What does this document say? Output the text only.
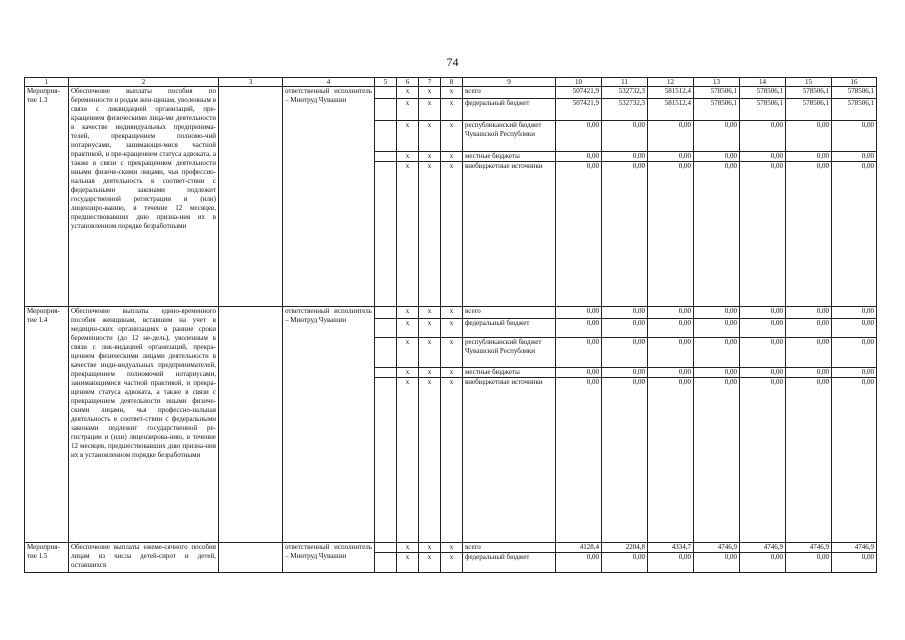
74
1	2	3	4	5	6	7	8	9	10	11	12	13	14	15	16
Мероприя-тие 1.3	Обеспечение выплаты пособия по беременности и родам жен-щинам, уволенным в связи с ликвидацией организаций, пре-кращением физическими лица-ми деятельности в качестве индивидуальных предпринима-телей, прекращением полномо-чий нотариусами, занимающи-мися частной практикой, и пре-кращением статуса адвоката, а также в связи с прекращением деятельности иными физиче-скими лицами, чья профессио-нальная деятельность в соответ-ствии с федеральными законами подлежит государственной регистрации и (или) лицензиро-ванию, в течение 12 месяцев, предшествовавших дню призна-ния их в установленном порядке безработными		ответственный исполнитель – Минтруд Чувашии		x	x	x	всего	507421,9	532732,3	581512,4	578506,1	578506,1	578506,1	578506,1
					x	x	x	федеральный бюджет	507421,9	532732,3	581512,4	578506,1	578506,1	578506,1	578506,1
					x	x	x	республиканский бюджет Чувашской Республики	0,00	0,00	0,00	0,00	0,00	0,00	0,00
					x	x	x	местные бюджеты	0,00	0,00	0,00	0,00	0,00	0,00	0,00
					x	x	x	внебюджетные источники	0,00	0,00	0,00	0,00	0,00	0,00	0,00
Мероприя-тие 1.4	Обеспечение выплаты едино-временного пособия женщинам, вставшим на учет в медицин-ских организациях в ранние сроки беременности (до 12 не-дель), уволенным в связи с лик-видацией организаций, прекра-щением физическими лицами деятельности в качестве инди-видуальных предпринимателей, прекращением полномочий нотариусами, занимающимися частной практикой, и прекра-щением статуса адвоката, а также в связи с прекращением деятельности иными физиче-скими лицами, чья профессио-нальная деятельность в соответ-ствии с федеральными законами подлежит государственной ре-гистрации и (или) лицензирова-нию, в течение 12 месяцев, предшествовавших дню призна-ния их в установленном порядке безработными		ответственный исполнитель – Минтруд Чувашии		x	x	x	всего	0,00	0,00	0,00	0,00	0,00	0,00	0,00
					x	x	x	федеральный бюджет	0,00	0,00	0,00	0,00	0,00	0,00	0,00
					x	x	x	республиканский бюджет Чувашской Республики	0,00	0,00	0,00	0,00	0,00	0,00	0,00
					x	x	x	местные бюджеты	0,00	0,00	0,00	0,00	0,00	0,00	0,00
					x	x	x	внебюджетные источники	0,00	0,00	0,00	0,00	0,00	0,00	0,00
Мероприя-тие 1.5	Обеспечение выплаты ежеме-сячного пособия лицам из числа детей-сирот и детей, оставшихся		ответственный исполнитель – Минтруд Чувашии		x	x	x	всего	4128,4	2204,8	4334,7	4746,9	4746,9	4746,9	4746,9
					x	x	x	федеральный бюджет	0,00	0,00	0,00	0,00	0,00	0,00	0,00
